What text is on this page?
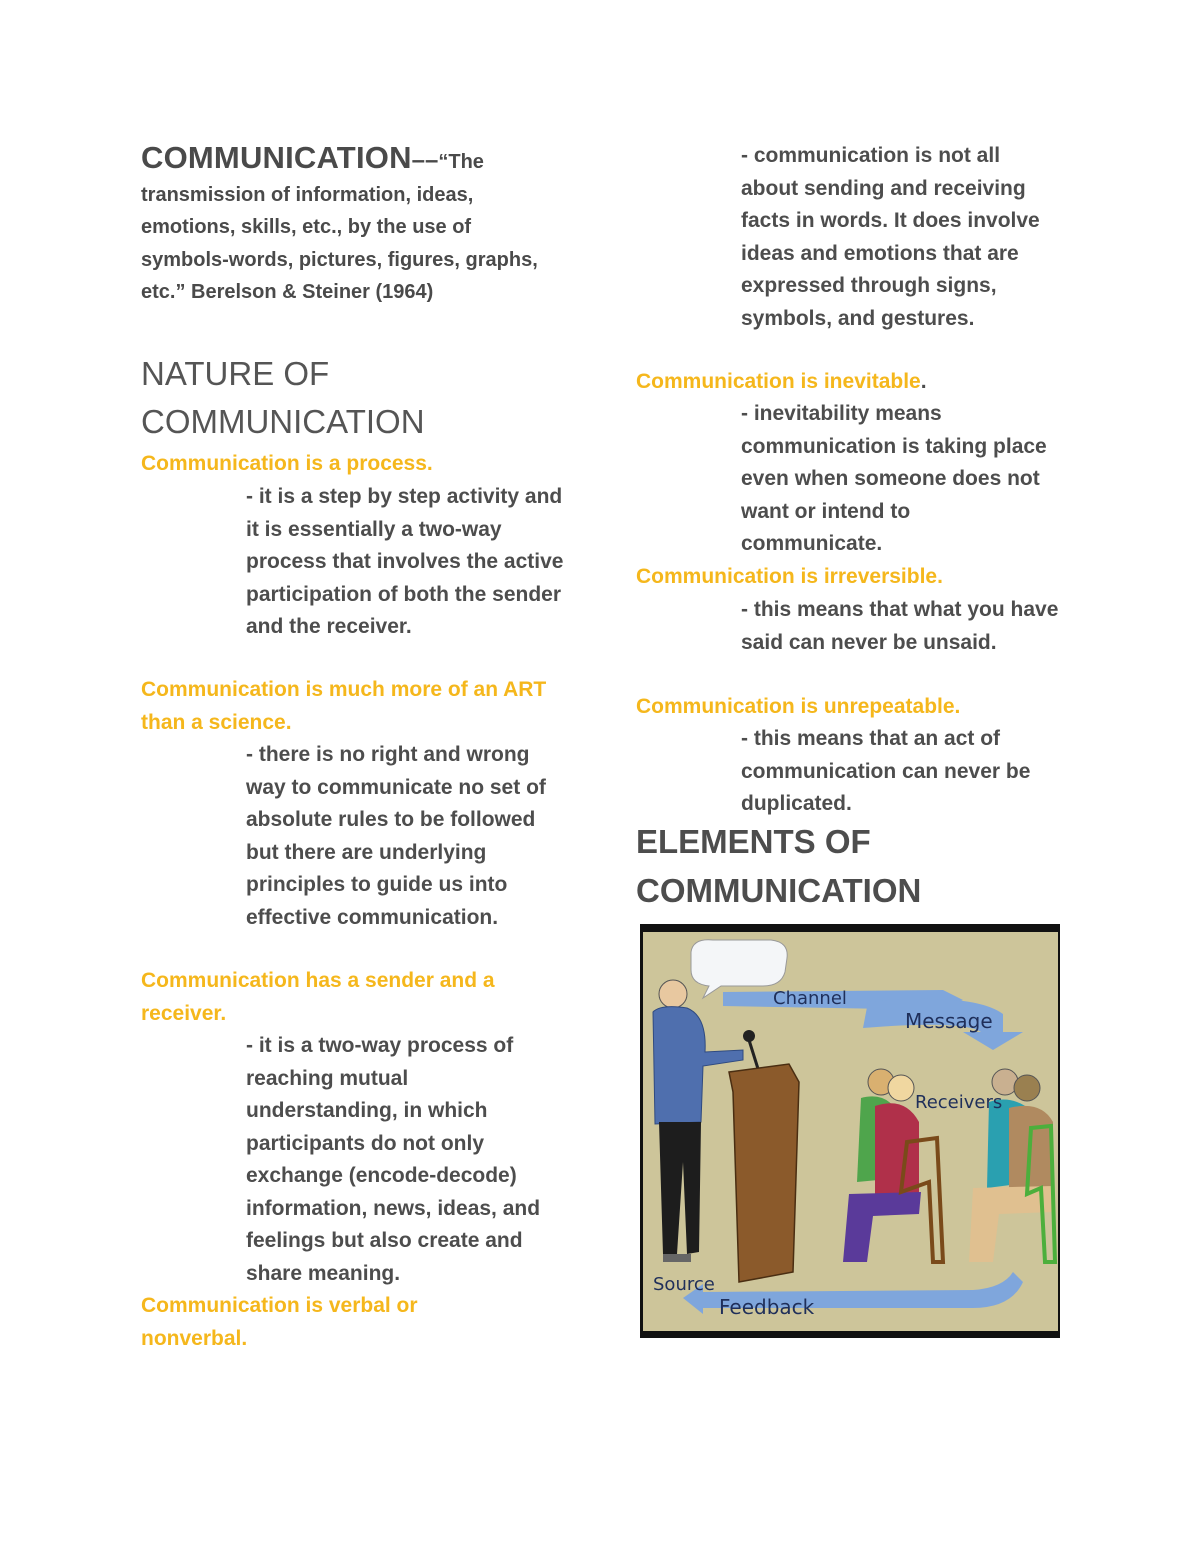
COMMUNICATION––“The transmission of information, ideas, emotions, skills, etc., by the use of symbols-words, pictures, figures, graphs, etc.” Berelson & Steiner (1964)
NATURE OF
COMMUNICATION

Communication is a process.

- it is a step by step activity and it is essentially a two-way process that involves the active participation of both the sender and the receiver.

Communication is much more of an ART than a science.

- there is no right and wrong way to communicate no set of absolute rules to be followed but there are underlying principles to guide us into effective communication.

Communication has a sender and a receiver.

- it is a two-way process of reaching mutual understanding, in which participants do not only exchange (encode-decode) information, news, ideas, and feelings but also create and share meaning.

Communication is verbal or nonverbal.

- communication is not all about sending and receiving facts in words. It does involve ideas and emotions that are expressed through signs, symbols, and gestures.

Communication is inevitable.

- inevitability means communication is taking place even when someone does not want or intend to communicate.

Communication is irreversible.

- this means that what you have said can never be unsaid.

Communication is unrepeatable.

- this means that an act of communication can never be duplicated.

ELEMENTS OF
COMMUNICATION
Channel
Message
Receivers
Source
Feedback
